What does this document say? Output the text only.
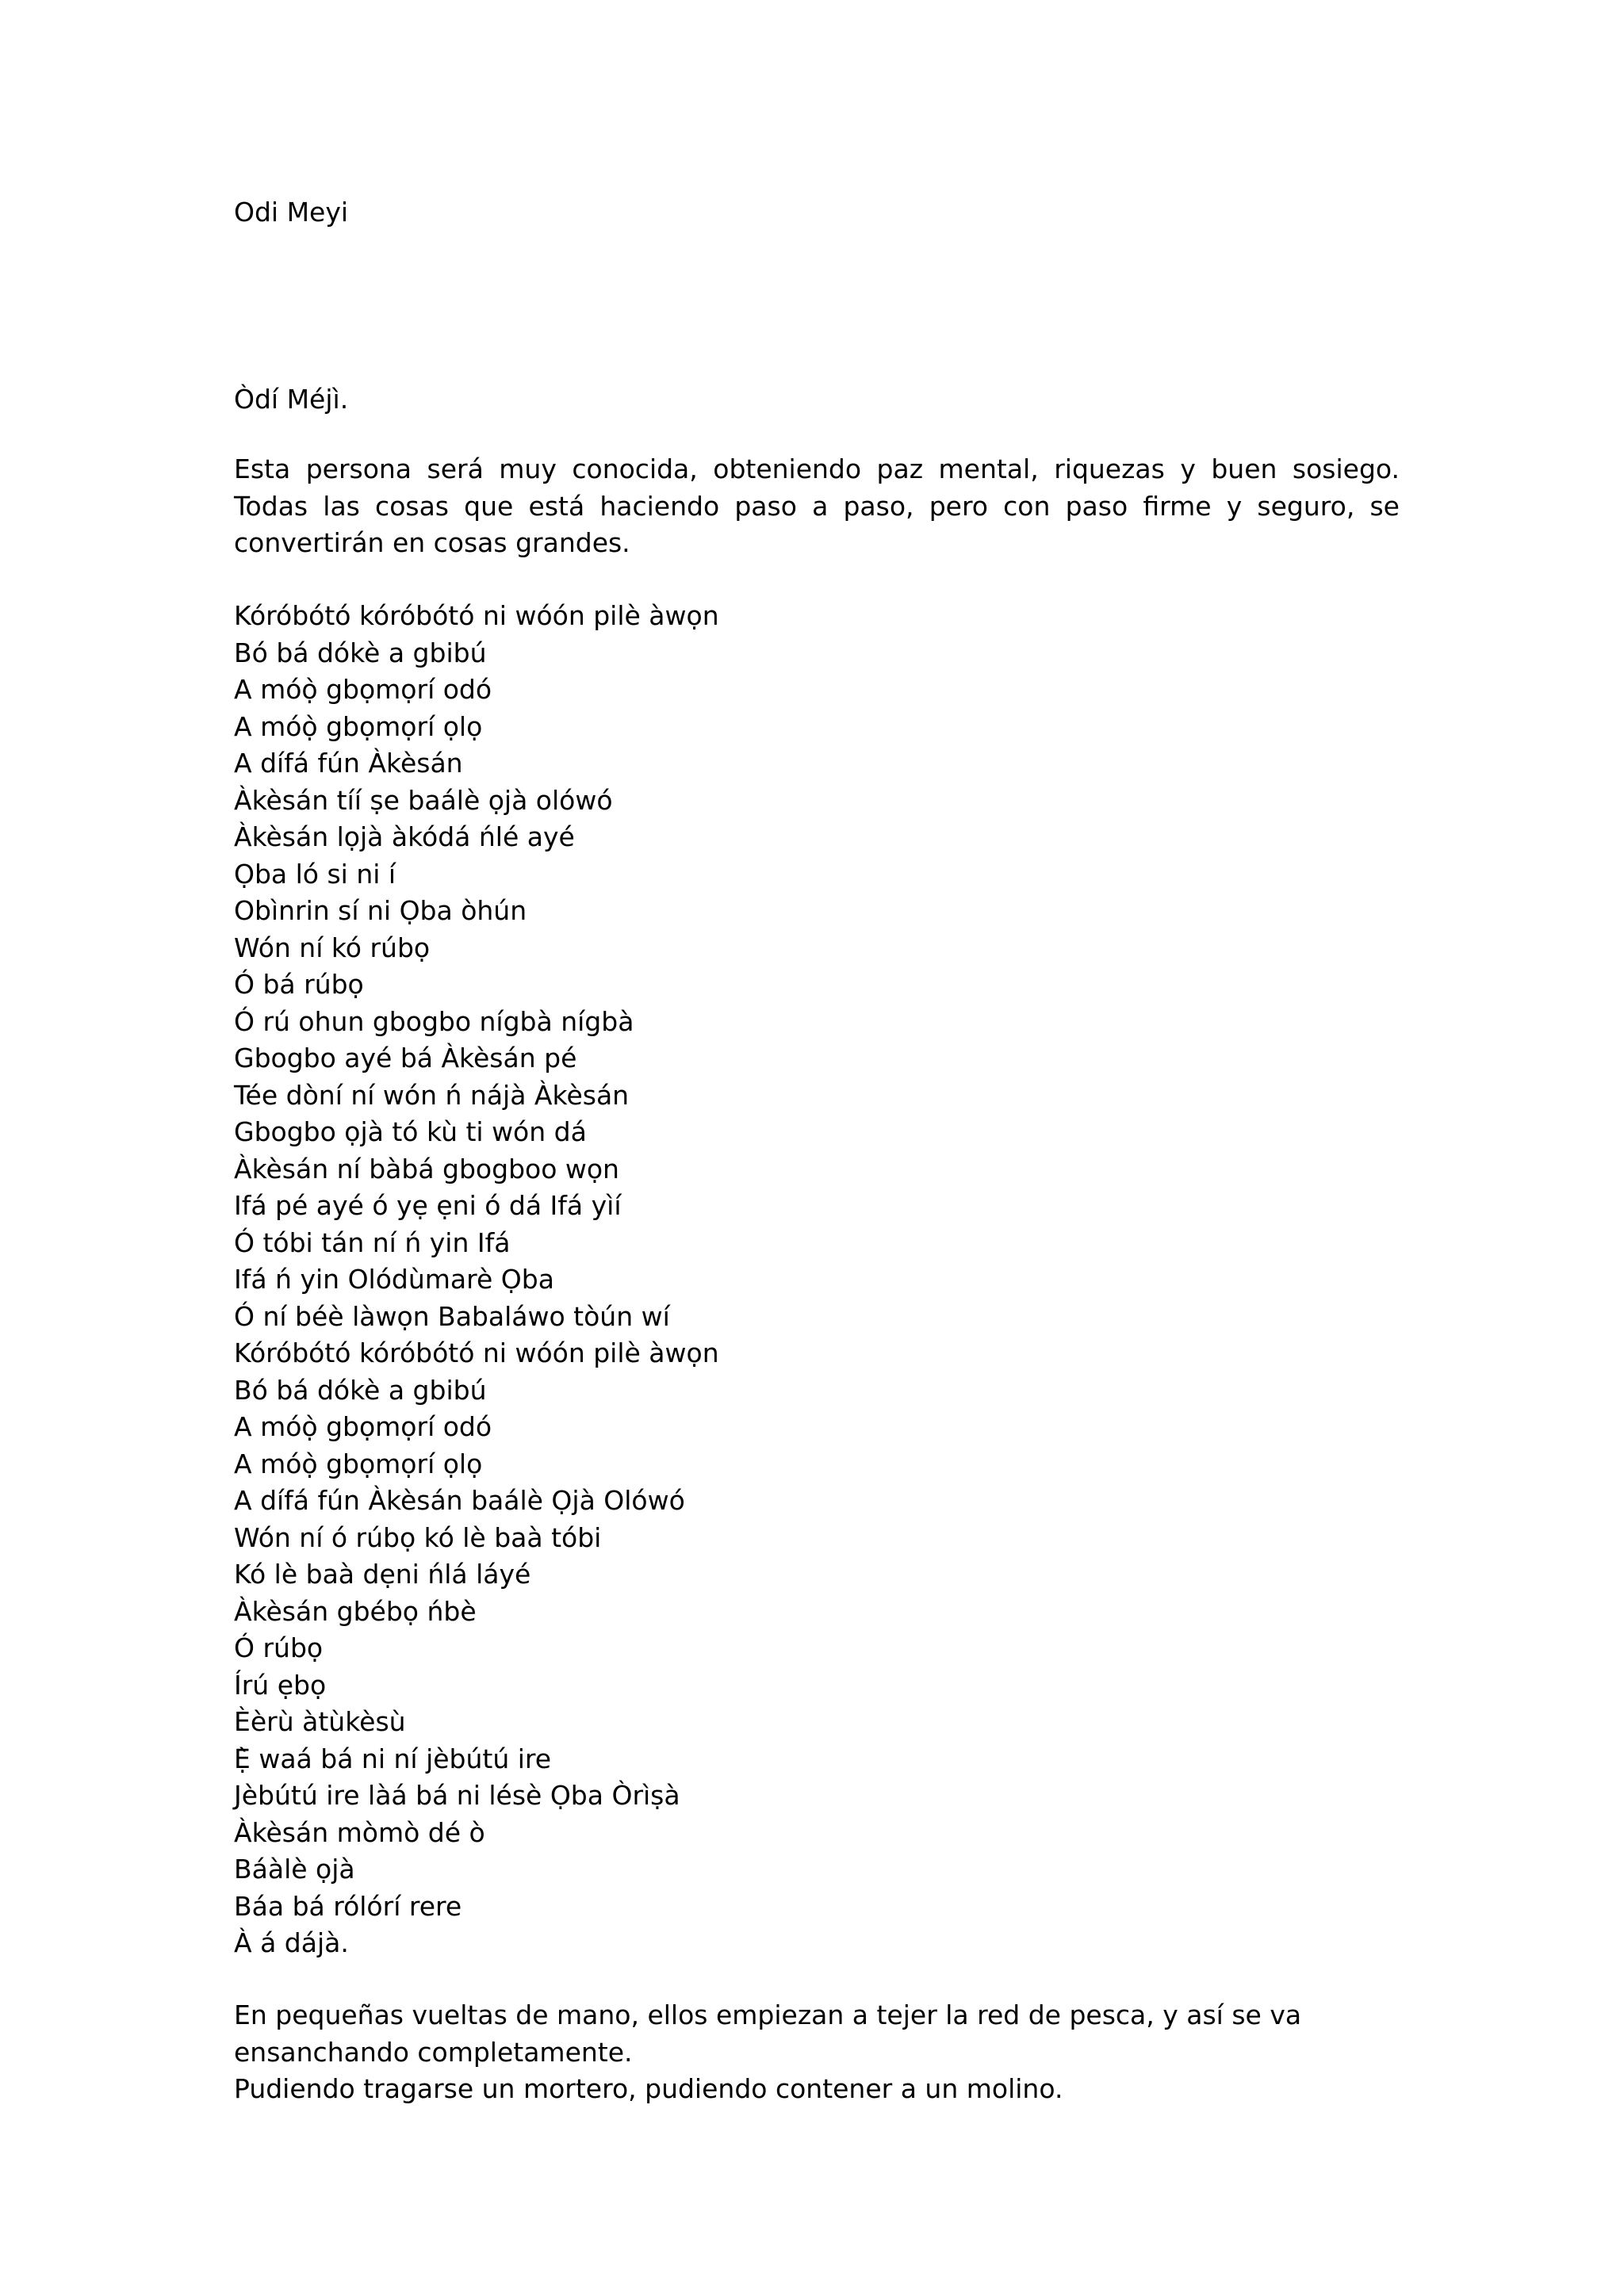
Odi Meyi
Òdí Méjì.

Esta persona será muy conocida, obteniendo paz mental, riquezas y buen sosiego. Todas las cosas que está haciendo paso a paso, pero con paso firme y seguro, se convertirán en cosas grandes.

Kóróbótó kóróbótó ni wóón pilè àwọn
Bó bá dókè a gbibú
A móọ̀ gbọmọrí odó
A móọ̀ gbọmọrí ọlọ
A dífá fún Àkèsán
Àkèsán tíí ṣe baálè ọjà olówó
Àkèsán lọjà àkódá ńlé ayé
Ọba ló si ni í
Obìnrin sí ni Ọba òhún
Wón ní kó rúbọ
Ó bá rúbọ
Ó rú ohun gbogbo nígbà nígbà
Gbogbo ayé bá Àkèsán pé
Tée dòní ní wón ń nájà Àkèsán
Gbogbo ọjà tó kù ti wón dá
Àkèsán ní bàbá gbogboo wọn
Ifá pé ayé ó yẹ ẹni ó dá Ifá yìí
Ó tóbi tán ní ń yin Ifá
Ifá ń yin Olódùmarè Ọba
Ó ní béè làwọn Babaláwo tòún wí
Kóróbótó kóróbótó ni wóón pilè àwọn
Bó bá dókè a gbibú
A móọ̀ gbọmọrí odó
A móọ̀ gbọmọrí ọlọ
A dífá fún Àkèsán baálè Ọjà Olówó
Wón ní ó rúbọ kó lè baà tóbi
Kó lè baà dẹni ńlá láyé
Àkèsán gbébọ ńbè
Ó rúbọ
Írú ẹbọ
Èèrù àtùkèsù
Ẹ̀ waá bá ni ní jèbútú ire
Jèbútú ire làá bá ni lésè Ọba Òrìṣà
Àkèsán mòmò dé ò
Báàlè ọjà
Báa bá rólórí rere
À á dájà.

En pequeñas vueltas de mano, ellos empiezan a tejer la red de pesca, y así se va ensanchando completamente.

Pudiendo tragarse un mortero, pudiendo contener a un molino.
